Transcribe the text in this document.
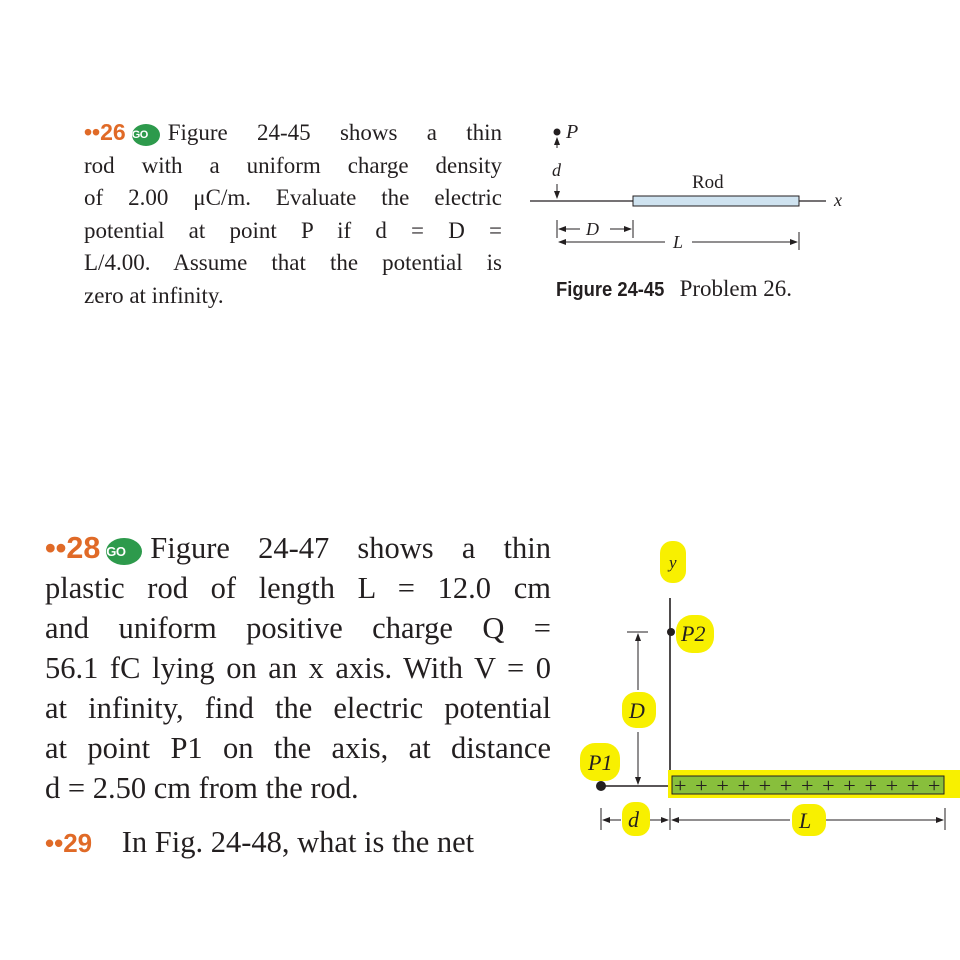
••26 GO Figure 24-45 shows a thin
rod with a uniform charge density
of 2.00 μC/m. Evaluate the electric
potential at point P if d = D =
L/4.00. Assume that the potential is
zero at infinity.	Figure 24-45 Problem 26.
••28 GO Figure 24-47 shows a thin
plastic rod of length L = 12.0 cm
and uniform positive charge Q =
56.1 fC lying on an x axis. With V = 0
at infinity, find the electric potential
at point P1 on the axis, at distance
d = 2.50 cm from the rod.
••29 In Fig. 24-48, what is the net
P
d
Rod
x
D
L
y
P2
D
P1
+ + + + + + + + + + + + +
d	L
